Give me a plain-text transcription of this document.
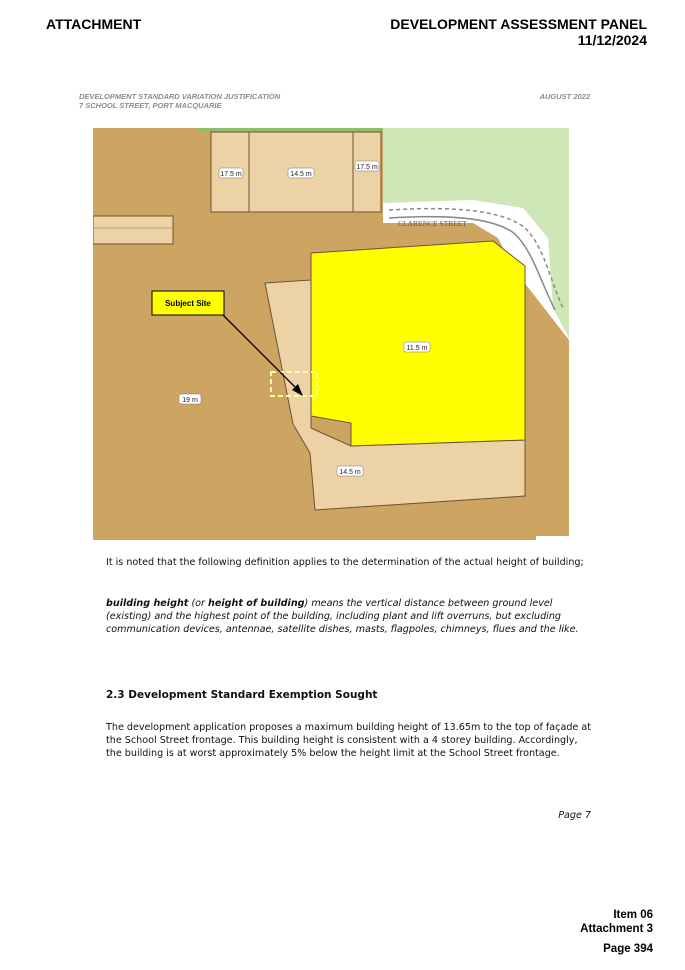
ATTACHMENT	DEVELOPMENT ASSESSMENT PANEL
11/12/2024
DEVELOPMENT STANDARD VARIATION JUSTIFICATION
7 SCHOOL STREET, PORT MACQUARIE
AUGUST 2022
CLARENCE STREET
Subject Site
17.5 m	14.5 m
17.5 m
11.5 m
19 m
14.5 m
It is noted that the following definition applies to the determination of the actual height of building;
building height (or height of building) means the vertical distance between ground level (existing) and the highest point of the building, including plant and lift overruns, but excluding communication devices, antennae, satellite dishes, masts, flagpoles, chimneys, flues and the like.
2.3 Development Standard Exemption Sought
The development application proposes a maximum building height of 13.65m to the top of façade at the School Street frontage. This building height is consistent with a 4 storey building. Accordingly, the building is at worst approximately 5% below the height limit at the School Street frontage.
Page 7
Item 06
Attachment 3
Page 394
